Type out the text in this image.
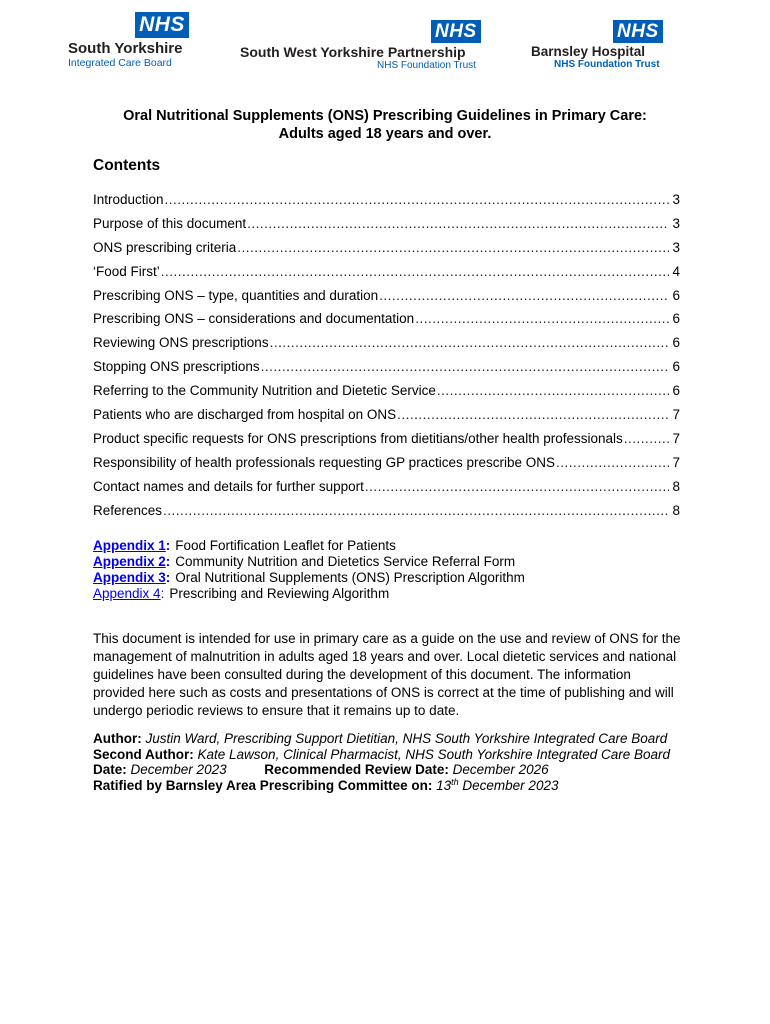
NHS
South Yorkshire
Integrated Care Board
NHS
South West Yorkshire Partnership
NHS Foundation Trust
NHS
Barnsley Hospital
NHS Foundation Trust
Oral Nutritional Supplements (ONS) Prescribing Guidelines in Primary Care:
Adults aged 18 years and over.
Contents
Introduction .....	3
Purpose of this document .....	3
ONS prescribing criteria .....	3
‘Food First’ .....	4
Prescribing ONS – type, quantities and duration .....	6
Prescribing ONS – considerations and documentation .....	6
Reviewing ONS prescriptions .....	6
Stopping ONS prescriptions .....	6
Referring to the Community Nutrition and Dietetic Service .....	6
Patients who are discharged from hospital on ONS .....	7
Product specific requests for ONS prescriptions from dietitians/other health professionals .....	7
Responsibility of health professionals requesting GP practices prescribe ONS .....	7
Contact names and details for further support .....	8
References .....	8
Appendix 1: Food Fortification Leaflet for Patients
Appendix 2: Community Nutrition and Dietetics Service Referral Form
Appendix 3: Oral Nutritional Supplements (ONS) Prescription Algorithm
Appendix 4: Prescribing and Reviewing Algorithm
This document is intended for use in primary care as a guide on the use and review of ONS for the management of malnutrition in adults aged 18 years and over. Local dietetic services and national guidelines have been consulted during the development of this document. The information provided here such as costs and presentations of ONS is correct at the time of publishing and will undergo periodic reviews to ensure that it remains up to date.
Author: Justin Ward, Prescribing Support Dietitian, NHS South Yorkshire Integrated Care Board
Second Author: Kate Lawson, Clinical Pharmacist, NHS South Yorkshire Integrated Care Board
Date: December 2023	Recommended Review Date: December 2026
Ratified by Barnsley Area Prescribing Committee on: 13th December 2023
